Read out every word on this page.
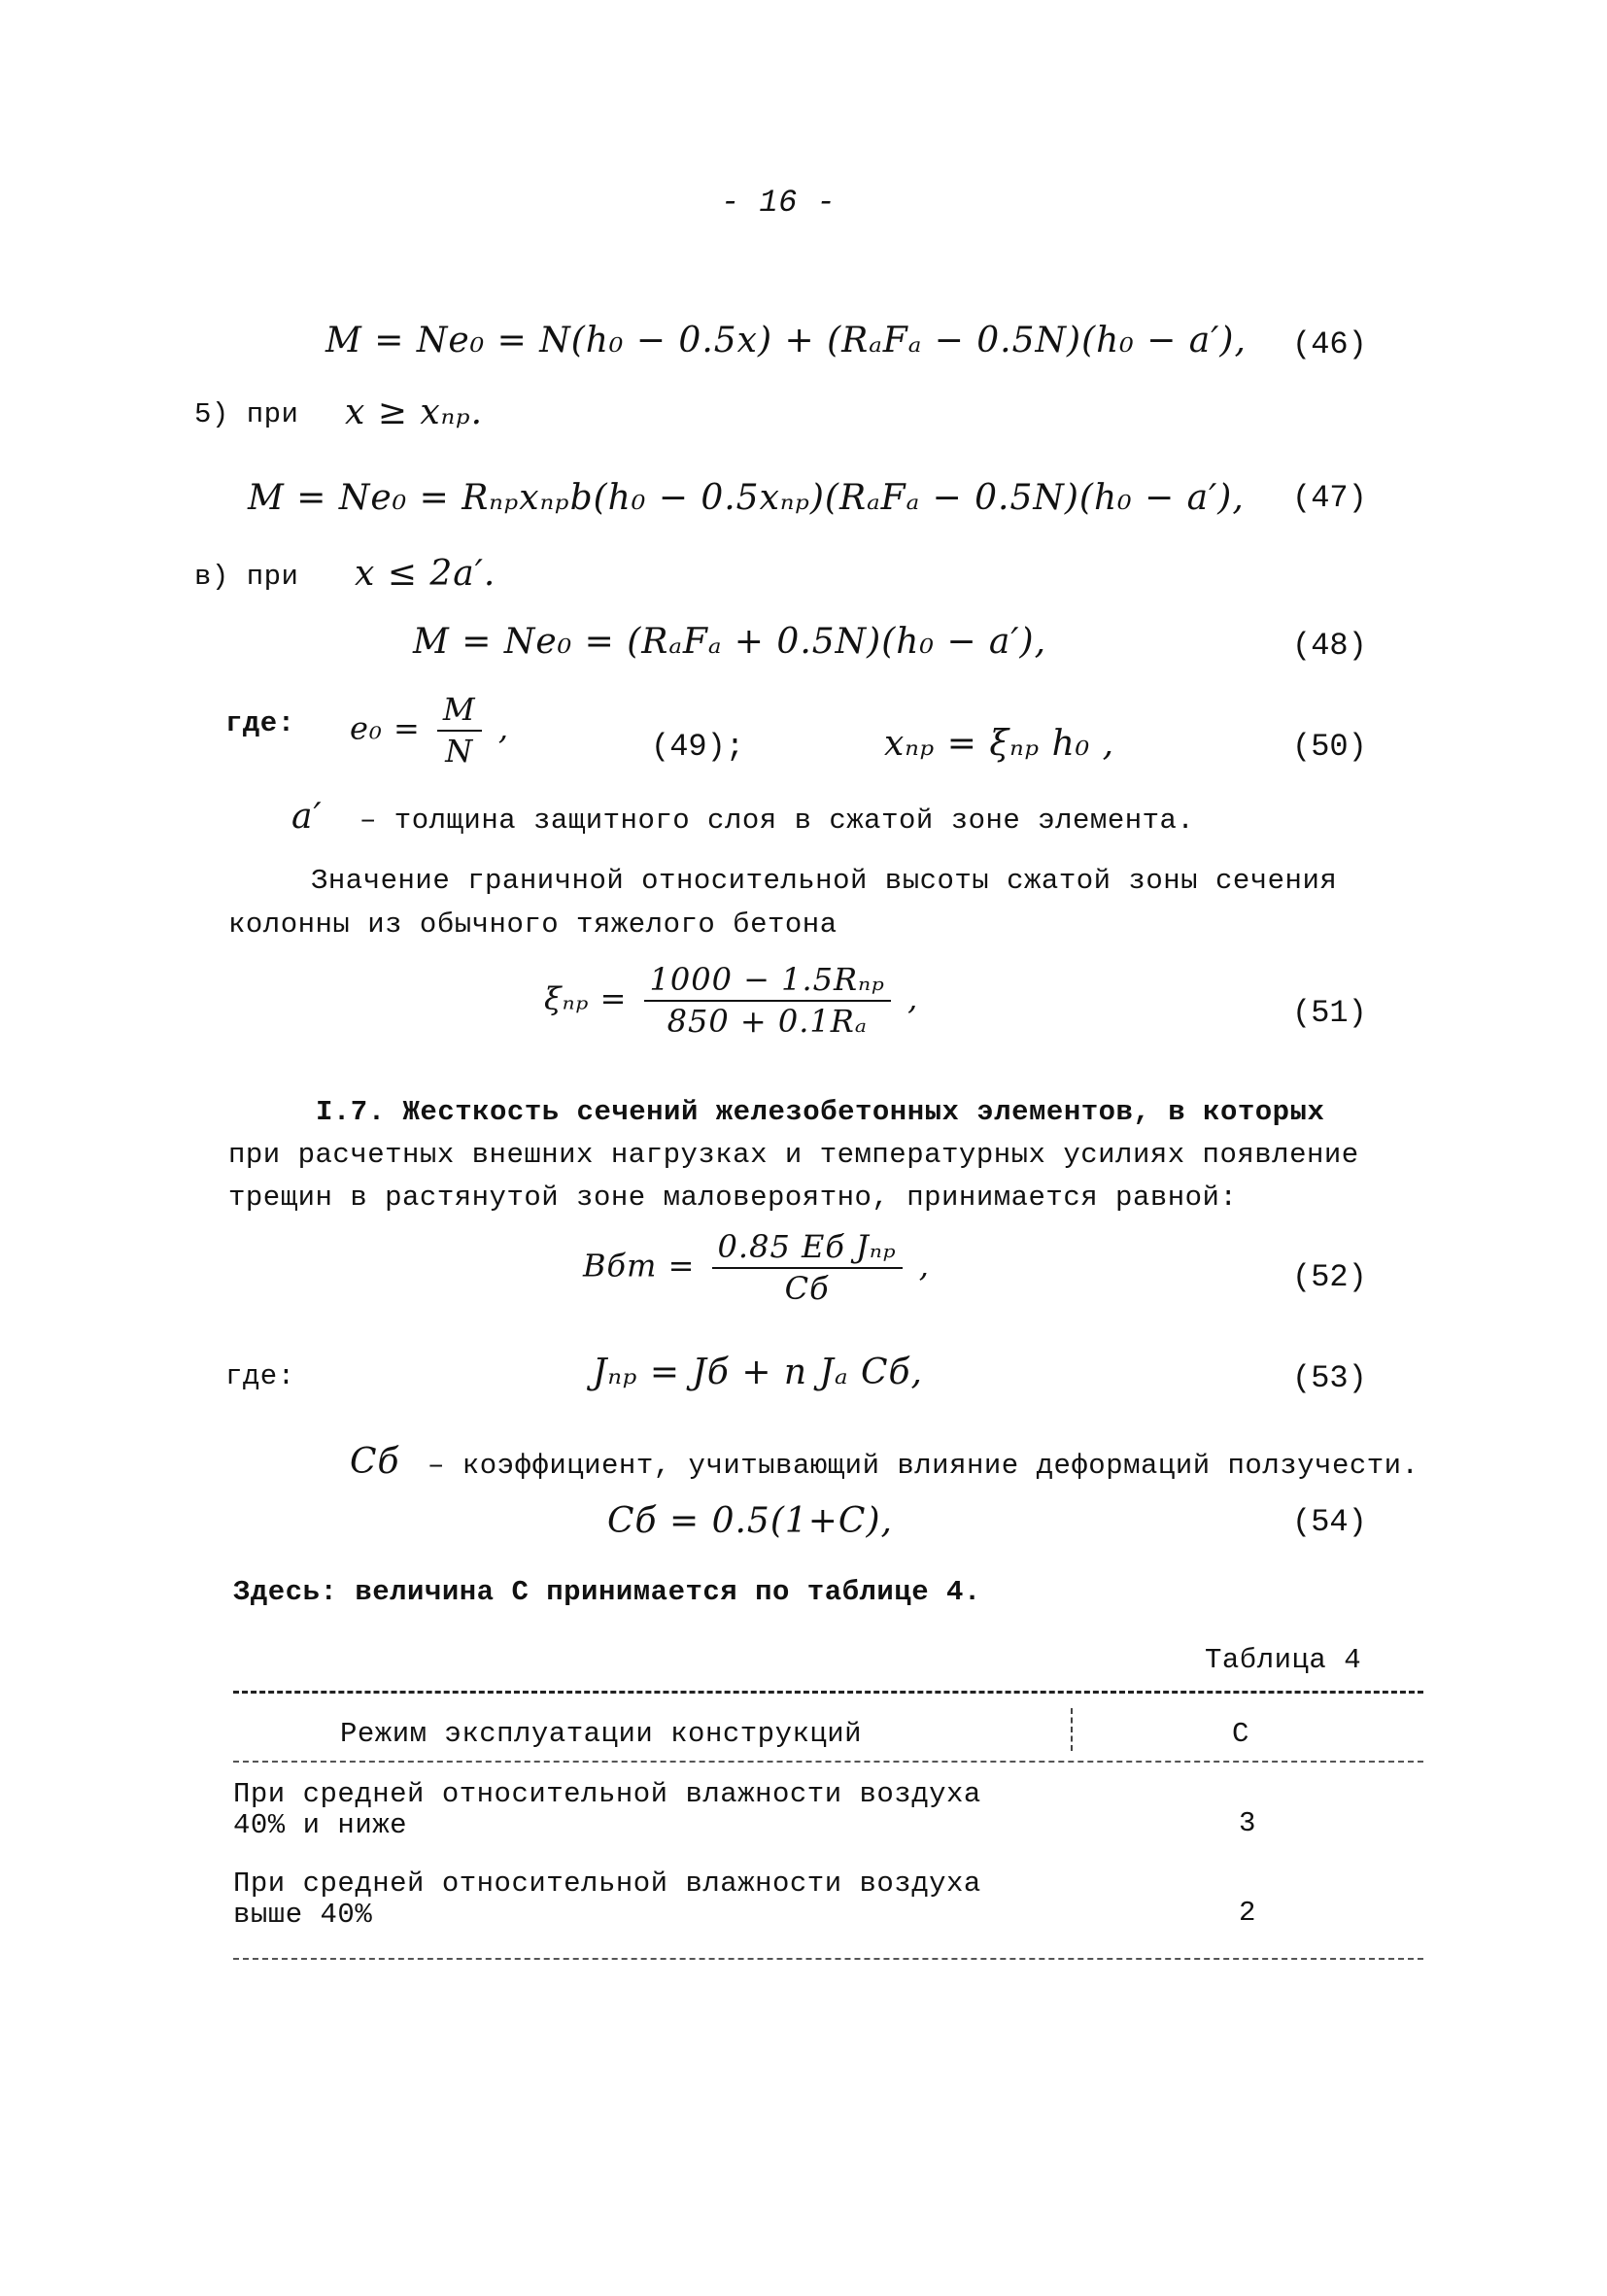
- 16 -
M = Ne₀ = N(h₀ − 0.5x) + (RₐFₐ − 0.5N)(h₀ − a′), (46)
5) при x ≥ xₙₚ.
M = Ne₀ = Rₙₚxₙₚb(h₀ − 0.5xₙₚ)(RₐFₐ − 0.5N)(h₀ − a′), (47)
в) при x ≤ 2a′.
M = Ne₀ = (RₐFₐ + 0.5N)(h₀ − a′),	(48)
где: $e_0 = \frac{M}{N}$ ,
(49);	xₙₚ = ξₙₚ h₀ ,	(50)
a′ – толщина защитного слоя в сжатой зоне элемента.
Значение граничной относительной высоты сжатой зоны сечения
колонны из обычного тяжелого бетона
$\xi_{np} = \frac{\text{1000 − 1.5Rₙₚ}}{\text{850 + 0.1Rₐ}}$ ,	(51)
I.7. Жесткость сечений железобетонных элементов, в которых
при расчетных внешних нагрузках и температурных усилиях появление
трещин в растянутой зоне маловероятно, принимается равной:
Bбт = $\frac{\text{0.85 Eб Jₙₚ}}{Cб}$ ,	(52)
где:	Jₙₚ = Jб + n Jₐ Cб,	(53)
Cб – коэффициент, учитывающий влияние деформаций ползучести.
Cб = 0.5(1+C),	(54)
Здесь: величина С принимается по таблице 4.
Таблица 4
Режим эксплуатации конструкций	С
При средней относительной влажности воздуха
40% и ниже	3
При средней относительной влажности воздуха
выше 40%	2
